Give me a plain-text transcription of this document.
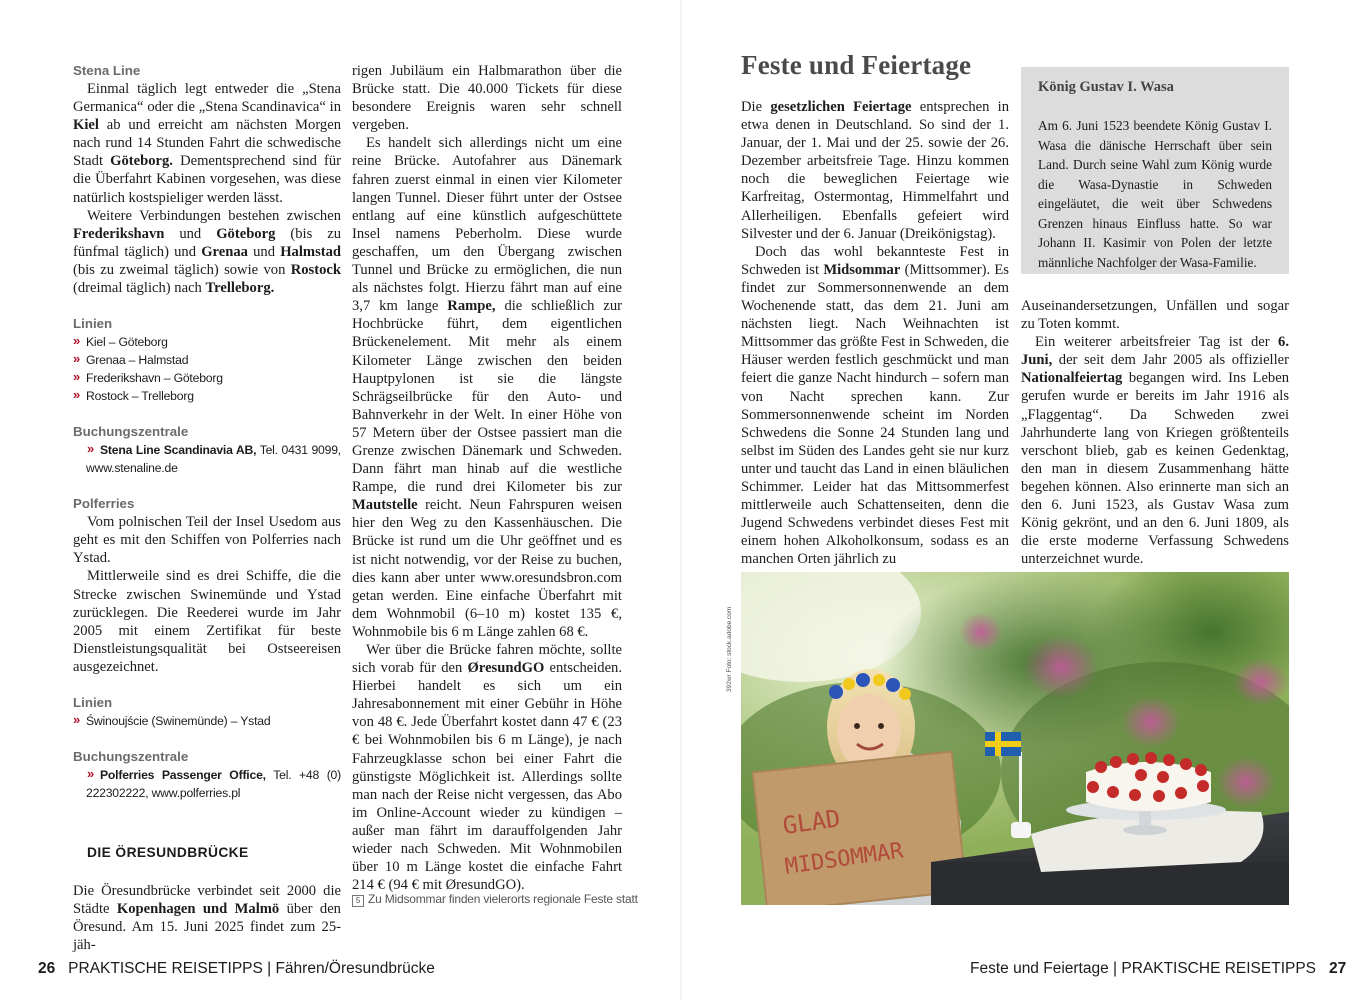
Stena Line

Einmal täglich legt entweder die „Stena Germanica“ oder die „Stena Scandinavica“ in Kiel ab und erreicht am nächsten Morgen nach rund 14 Stunden Fahrt die schwedische Stadt Göteborg. Dementsprechend sind für die Überfahrt Kabinen vorgesehen, was diese natürlich kostspieliger werden lässt.

Weitere Verbindungen bestehen zwischen Frederikshavn und Göteborg (bis zu fünfmal täglich) und Grenaa und Halmstad (bis zu zweimal täglich) sowie von Rostock (dreimal täglich) nach Trelleborg.

Linien

» Kiel – Göteborg
» Grenaa – Halmstad
» Frederikshavn – Göteborg
» Rostock – Trelleborg

Buchungszentrale

» Stena Line Scandinavia AB, Tel. 0431 9099, www.stenaline.de

Polferries

Vom polnischen Teil der Insel Usedom aus geht es mit den Schiffen von Polferries nach Ystad.

Mittlerweile sind es drei Schiffe, die die Strecke zwischen Swinemünde und Ystad zurücklegen. Die Reederei wurde im Jahr 2005 mit einem Zertifikat für beste Dienstleistungsqualität bei Ostseereisen ausgezeichnet.

Linien

» Świnoujście (Swinemünde) – Ystad

Buchungszentrale

» Polferries Passenger Office, Tel. +48 (0) 222302222, www.polferries.pl

DIE ÖRESUNDBRÜCKE

Die Öresundbrücke verbindet seit 2000 die Städte Kopenhagen und Malmö über den Öresund. Am 15. Juni 2025 findet zum 25-jäh-

rigen Jubiläum ein Halbmarathon über die Brücke statt. Die 40.000 Tickets für diese besondere Ereignis waren sehr schnell vergeben.

Es handelt sich allerdings nicht um eine reine Brücke. Autofahrer aus Dänemark fahren zuerst einmal in einen vier Kilometer langen Tunnel. Dieser führt unter der Ostsee entlang auf eine künstlich aufgeschüttete Insel namens Peberholm. Diese wurde geschaffen, um den Übergang zwischen Tunnel und Brücke zu ermöglichen, die nun als nächstes folgt. Hierzu fährt man auf eine 3,7 km lange Rampe, die schließlich zur Hochbrücke führt, dem eigentlichen Brückenelement. Mit mehr als einem Kilometer Länge zwischen den beiden Hauptpylonen ist sie die längste Schrägseilbrücke für den Auto- und Bahnverkehr in der Welt. In einer Höhe von 57 Metern über der Ostsee passiert man die Grenze zwischen Dänemark und Schweden. Dann fährt man hinab auf die westliche Rampe, die rund drei Kilometer bis zur Mautstelle reicht. Neun Fahrspuren weisen hier den Weg zu den Kassenhäuschen. Die Brücke ist rund um die Uhr geöffnet und es ist nicht notwendig, vor der Reise zu buchen, dies kann aber unter www.oresundsbron.com getan werden. Eine einfache Überfahrt mit dem Wohnmobil (6–10 m) kostet 135 €, Wohnmobile bis 6 m Länge zahlen 68 €.

Wer über die Brücke fahren möchte, sollte sich vorab für den ØresundGO entscheiden. Hierbei handelt es sich um ein Jahresabonnement mit einer Gebühr in Höhe von 48 €. Jede Überfahrt kostet dann 47 € (23 € bei Wohnmobilen bis 6 m Länge), je nach Fahrzeugklasse schon bei einer Fahrt die günstigste Möglichkeit ist. Allerdings sollte man nach der Reise nicht vergessen, das Abo im Online-Account wieder zu kündigen – außer man fährt im darauffolgenden Jahr wieder nach Schweden. Mit Wohnmobilen über 10 m Länge kostet die einfache Fahrt 214 € (94 € mit ØresundGO).

5 Zu Midsommar finden vielerorts regionale Feste statt
26 PRAKTISCHE REISETIPPS | Fähren/Öresundbrücke
Feste und Feiertage

Die gesetzlichen Feiertage entsprechen in etwa denen in Deutschland. So sind der 1. Januar, der 1. Mai und der 25. sowie der 26. Dezember arbeitsfreie Tage. Hinzu kommen noch die beweglichen Feiertage wie Karfreitag, Ostermontag, Himmelfahrt und Allerheiligen. Ebenfalls gefeiert wird Silvester und der 6. Januar (Dreikönigstag).

Doch das wohl bekannteste Fest in Schweden ist Midsommar (Mittsommer). Es findet zur Sommersonnenwende an dem Wochenende statt, das dem 21. Juni am nächsten liegt. Nach Weihnachten ist Mittsommer das größte Fest in Schweden, die Häuser werden festlich geschmückt und man feiert die ganze Nacht hindurch – sofern man von Nacht sprechen kann. Zur Sommersonnenwende scheint im Norden Schwedens die Sonne 24 Stunden lang und selbst im Süden des Landes geht sie nur kurz unter und taucht das Land in einen bläulichen Schimmer. Leider hat das Mittsommerfest mittlerweile auch Schattenseiten, denn die Jugend Schwedens verbindet dieses Fest mit einem hohen Alkoholkonsum, sodass es an manchen Orten jährlich zu

König Gustav I. Wasa

Am 6. Juni 1523 beendete König Gustav I. Wasa die dänische Herrschaft über sein Land. Durch seine Wahl zum König wurde die Wasa-Dynastie in Schweden eingeläutet, die weit über Schwedens Grenzen hinaus Einfluss hatte. So war Johann II. Kasimir von Polen der letzte männliche Nachfolger der Wasa-Familie.

Auseinandersetzungen, Unfällen und sogar zu Toten kommt.

Ein weiterer arbeitsfreier Tag ist der 6. Juni, der seit dem Jahr 2005 als offizieller Nationalfeiertag begangen wird. Ins Leben gerufen wurde er bereits im Jahr 1916 als „Flaggentag“. Da Schweden zwei Jahrhunderte lang von Kriegen größtenteils verschont blieb, gab es keinen Gedenktag, den man in diesem Zusammenhang hätte begehen können. Also erinnerte man sich an den 6. Juni 1523, als Gustav Wasa zum König gekrönt, und an den 6. Juni 1809, als die erste moderne Verfassung Schwedens unterzeichnet wurde.

392wr Foto: stock.adobe.com
GLAD
MIDSOMMAR
Feste und Feiertage | PRAKTISCHE REISETIPPS 27
